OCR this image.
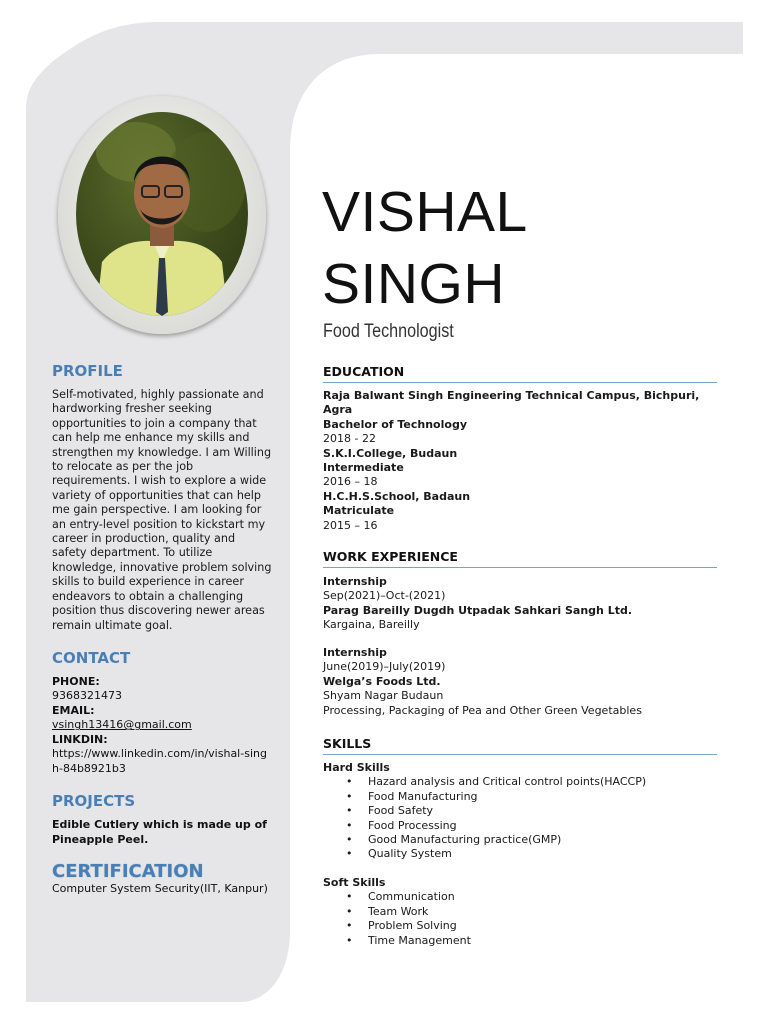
PROFILE
Self-motivated, highly passionate and hardworking fresher seeking opportunities to join a company that can help me enhance my skills and strengthen my knowledge. I am Willing to relocate as per the job requirements. I wish to explore a wide variety of opportunities that can help me gain perspective. I am looking for an entry-level position to kickstart my career in production, quality and safety department. To utilize knowledge, innovative problem solving skills to build experience in career endeavors to obtain a challenging position thus discovering newer areas remain ultimate goal.
CONTACT
PHONE:
9368321473
EMAIL:
vsingh13416@gmail.com
LINKDIN:
https://www.linkedin.com/in/vishal-singh-84b8921b3
PROJECTS
Edible Cutlery which is made up of Pineapple Peel.
CERTIFICATION
Computer System Security(IIT, Kanpur)
VISHAL
SINGH
Food Technologist
EDUCATION
Raja Balwant Singh Engineering Technical Campus, Bichpuri, Agra
Bachelor of Technology
2018 - 22
S.K.I.College, Budaun
Intermediate
2016 – 18
H.C.H.S.School, Badaun
Matriculate
2015 – 16
WORK EXPERIENCE
Internship
Sep(2021)–Oct-(2021)
Parag Bareilly Dugdh Utpadak Sahkari Sangh Ltd.
Kargaina, Bareilly
Internship
June(2019)–July(2019)
Welga’s Foods Ltd.
Shyam Nagar Budaun
Processing, Packaging of Pea and Other Green Vegetables
SKILLS
Hard Skills
• Hazard analysis and Critical control points(HACCP)
• Food Manufacturing
• Food Safety
• Food Processing
• Good Manufacturing practice(GMP)
• Quality System
Soft Skills
• Communication
• Team Work
• Problem Solving
• Time Management
